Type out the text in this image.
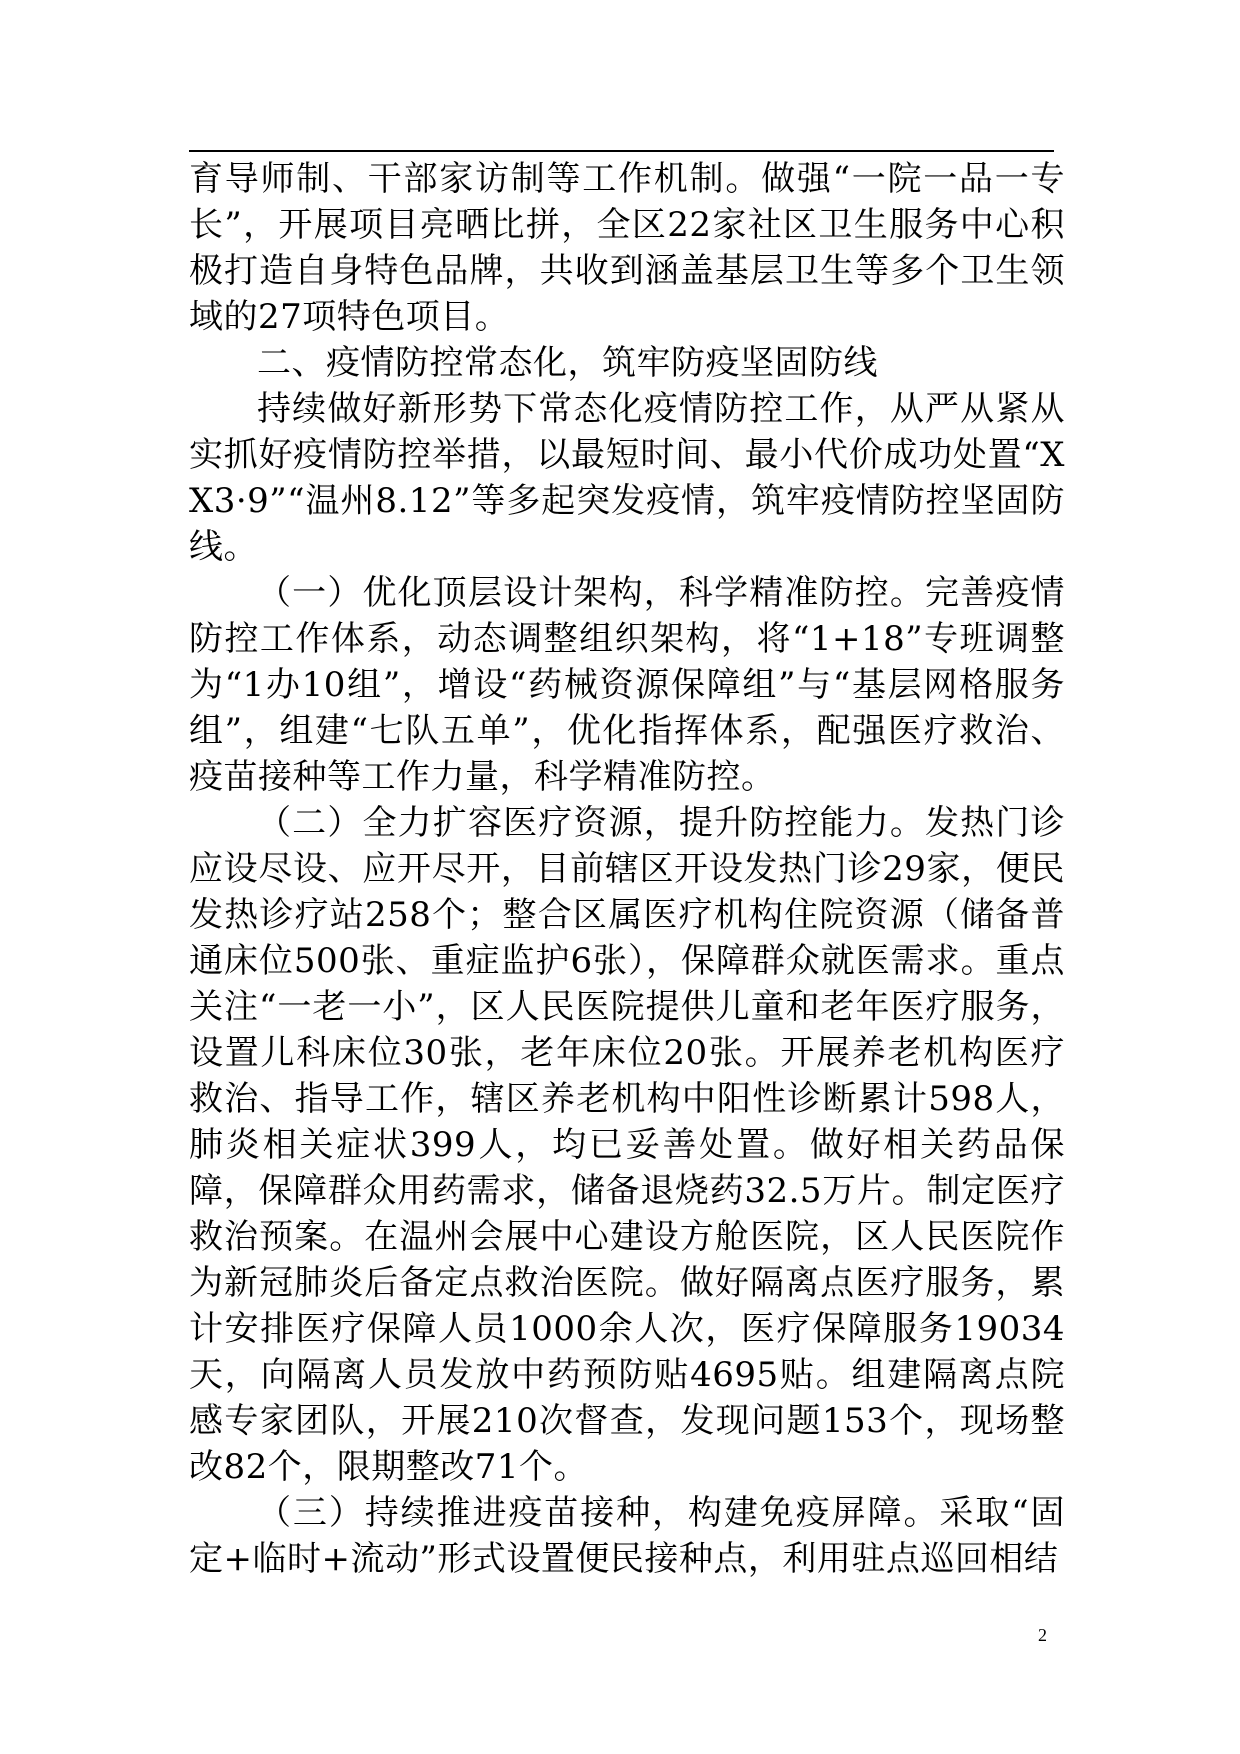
育导师制、干部家访制等工作机制。做强“一院一品一专长”，开展项目亮晒比拼，全区22家社区卫生服务中心积极打造自身特色品牌，共收到涵盖基层卫生等多个卫生领域的27项特色项目。

二、疫情防控常态化，筑牢防疫坚固防线

持续做好新形势下常态化疫情防控工作，从严从紧从实抓好疫情防控举措，以最短时间、最小代价成功处置“XX3·9”“温州8.12”等多起突发疫情，筑牢疫情防控坚固防线。

（一）优化顶层设计架构，科学精准防控。完善疫情防控工作体系，动态调整组织架构，将“1+18”专班调整为“1办10组”，增设“药械资源保障组”与“基层网格服务组”，组建“七队五单”，优化指挥体系，配强医疗救治、疫苗接种等工作力量，科学精准防控。

（二）全力扩容医疗资源，提升防控能力。发热门诊应设尽设、应开尽开，目前辖区开设发热门诊29家，便民发热诊疗站258个；整合区属医疗机构住院资源（储备普通床位500张、重症监护6张），保障群众就医需求。重点关注“一老一小”，区人民医院提供儿童和老年医疗服务，设置儿科床位30张，老年床位20张。开展养老机构医疗救治、指导工作，辖区养老机构中阳性诊断累计598人，肺炎相关症状399人，均已妥善处置。做好相关药品保障，保障群众用药需求，储备退烧药32.5万片。制定医疗救治预案。在温州会展中心建设方舱医院，区人民医院作为新冠肺炎后备定点救治医院。做好隔离点医疗服务，累计安排医疗保障人员1000余人次，医疗保障服务19034天，向隔离人员发放中药预防贴4695贴。组建隔离点院感专家团队，开展210次督查，发现问题153个，现场整改82个，限期整改71个。

（三）持续推进疫苗接种，构建免疫屏障。采取“固定+临时+流动”形式设置便民接种点，利用驻点巡回相结

2
